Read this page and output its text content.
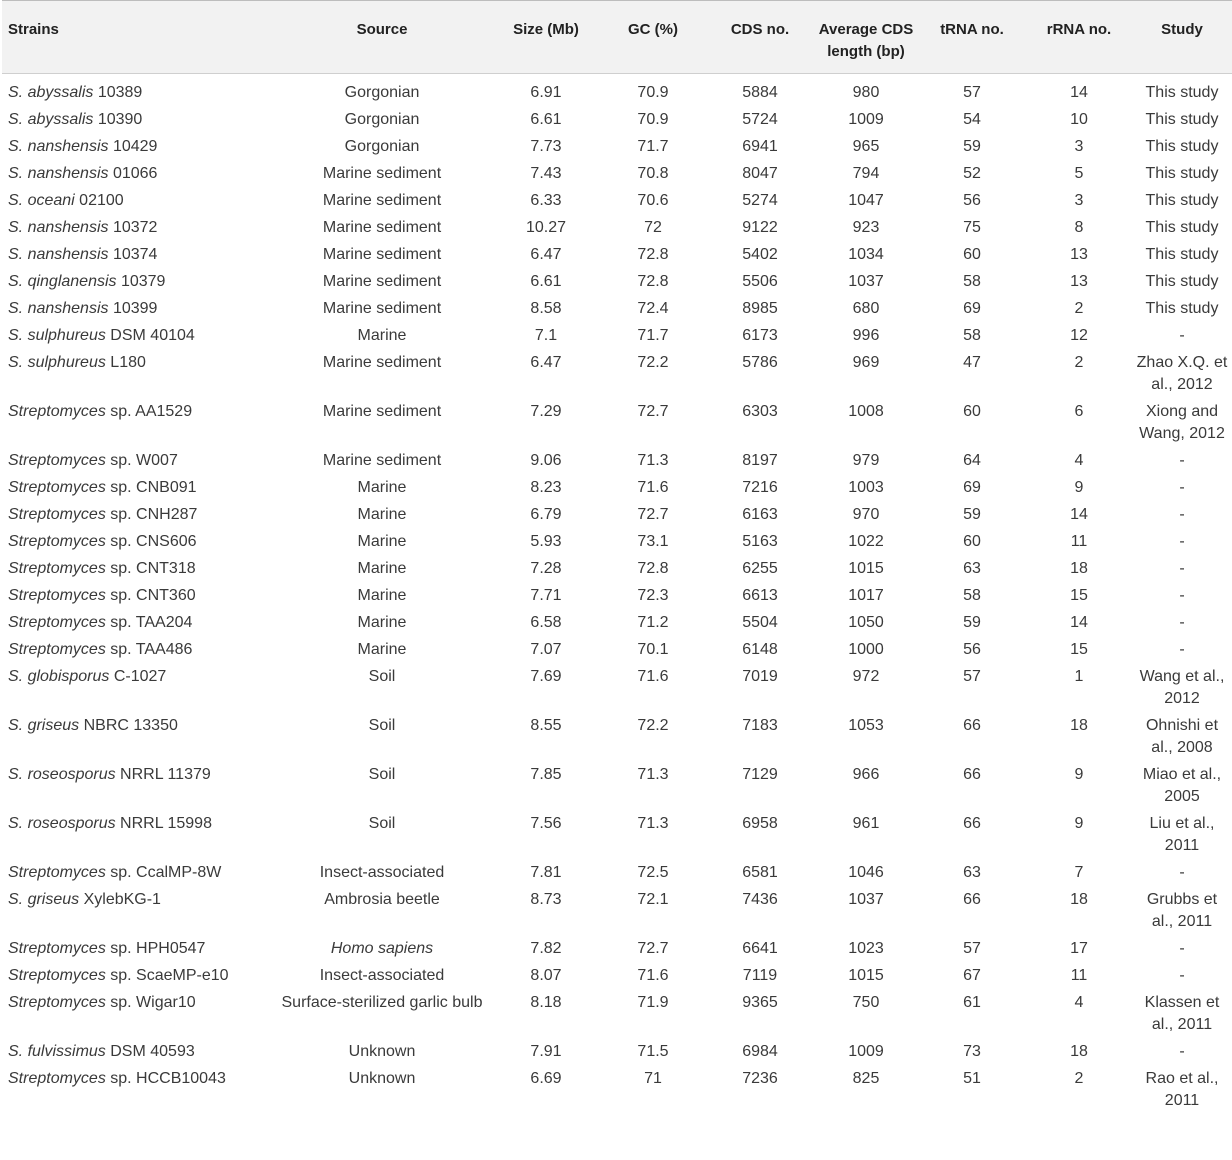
Strains	Source	Size (Mb)	GC (%)	CDS no.	Average CDS length (bp)	tRNA no.	rRNA no.	Study
S. abyssalis 10389	Gorgonian	6.91	70.9	5884	980	57	14	This study
S. abyssalis 10390	Gorgonian	6.61	70.9	5724	1009	54	10	This study
S. nanshensis 10429	Gorgonian	7.73	71.7	6941	965	59	3	This study
S. nanshensis 01066	Marine sediment	7.43	70.8	8047	794	52	5	This study
S. oceani 02100	Marine sediment	6.33	70.6	5274	1047	56	3	This study
S. nanshensis 10372	Marine sediment	10.27	72	9122	923	75	8	This study
S. nanshensis 10374	Marine sediment	6.47	72.8	5402	1034	60	13	This study
S. qinglanensis 10379	Marine sediment	6.61	72.8	5506	1037	58	13	This study
S. nanshensis 10399	Marine sediment	8.58	72.4	8985	680	69	2	This study
S. sulphureus DSM 40104	Marine	7.1	71.7	6173	996	58	12	-
S. sulphureus L180	Marine sediment	6.47	72.2	5786	969	47	2	Zhao X.Q. et al., 2012
Streptomyces sp. AA1529	Marine sediment	7.29	72.7	6303	1008	60	6	Xiong and Wang, 2012
Streptomyces sp. W007	Marine sediment	9.06	71.3	8197	979	64	4	-
Streptomyces sp. CNB091	Marine	8.23	71.6	7216	1003	69	9	-
Streptomyces sp. CNH287	Marine	6.79	72.7	6163	970	59	14	-
Streptomyces sp. CNS606	Marine	5.93	73.1	5163	1022	60	11	-
Streptomyces sp. CNT318	Marine	7.28	72.8	6255	1015	63	18	-
Streptomyces sp. CNT360	Marine	7.71	72.3	6613	1017	58	15	-
Streptomyces sp. TAA204	Marine	6.58	71.2	5504	1050	59	14	-
Streptomyces sp. TAA486	Marine	7.07	70.1	6148	1000	56	15	-
S. globisporus C-1027	Soil	7.69	71.6	7019	972	57	1	Wang et al., 2012
S. griseus NBRC 13350	Soil	8.55	72.2	7183	1053	66	18	Ohnishi et al., 2008
S. roseosporus NRRL 11379	Soil	7.85	71.3	7129	966	66	9	Miao et al., 2005
S. roseosporus NRRL 15998	Soil	7.56	71.3	6958	961	66	9	Liu et al., 2011
Streptomyces sp. CcalMP-8W	Insect-associated	7.81	72.5	6581	1046	63	7	-
S. griseus XylebKG-1	Ambrosia beetle	8.73	72.1	7436	1037	66	18	Grubbs et al., 2011
Streptomyces sp. HPH0547	Homo sapiens	7.82	72.7	6641	1023	57	17	-
Streptomyces sp. ScaeMP-e10	Insect-associated	8.07	71.6	7119	1015	67	11	-
Streptomyces sp. Wigar10	Surface-sterilized garlic bulb	8.18	71.9	9365	750	61	4	Klassen et al., 2011
S. fulvissimus DSM 40593	Unknown	7.91	71.5	6984	1009	73	18	-
Streptomyces sp. HCCB10043	Unknown	6.69	71	7236	825	51	2	Rao et al., 2011
